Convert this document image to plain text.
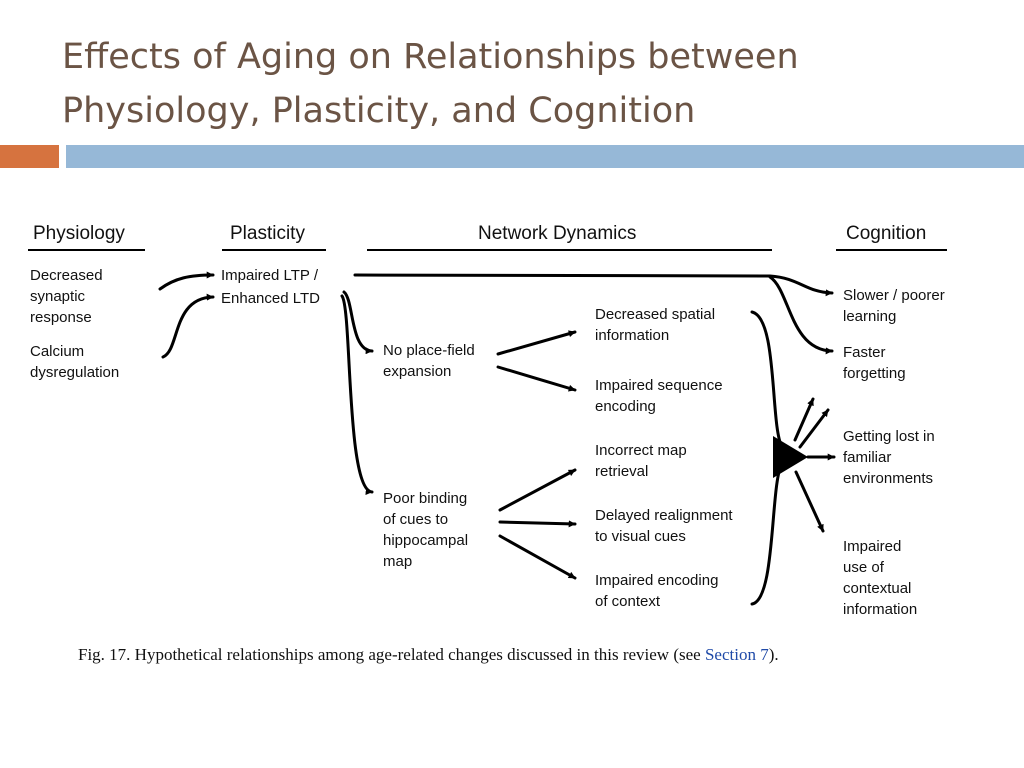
Effects of Aging on Relationships between
Physiology, Plasticity, and Cognition
Physiology	Plasticity	Network Dynamics	Cognition
Decreased synaptic response
Calcium dysregulation
Impaired LTP / Enhanced LTD
No place-field expansion
Poor binding of cues to hippocampal map
Decreased spatial information
Impaired sequence encoding
Incorrect map retrieval
Delayed realignment to visual cues
Impaired encoding of context
Slower / poorer learning
Faster forgetting
Getting lost in familiar environments
Impaired use of contextual information
Fig. 17. Hypothetical relationships among age-related changes discussed in this review (see Section 7).
